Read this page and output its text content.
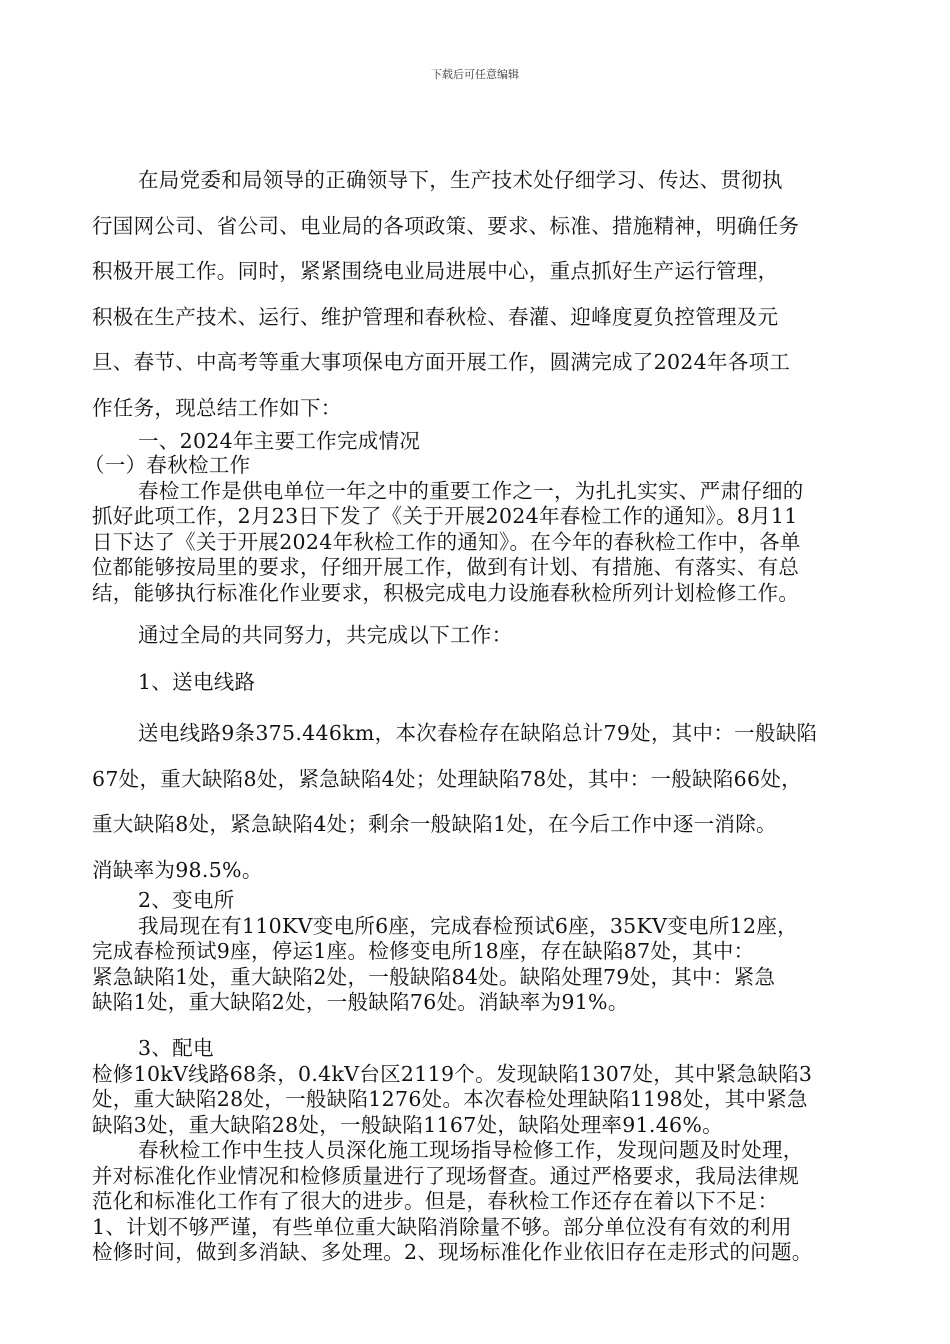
下载后可任意编辑

在局党委和局领导的正确领导下，生产技术处仔细学习、传达、贯彻执

行国网公司、省公司、电业局的各项政策、要求、标准、措施精神，明确任务

积极开展工作。同时，紧紧围绕电业局进展中心，重点抓好生产运行管理，

积极在生产技术、运行、维护管理和春秋检、春灌、迎峰度夏负控管理及元

旦、春节、中高考等重大事项保电方面开展工作，圆满完成了2024年各项工

作任务，现总结工作如下：

一、2024年主要工作完成情况

（一）春秋检工作

春检工作是供电单位一年之中的重要工作之一，为扎扎实实、严肃仔细的

抓好此项工作，2月23日下发了《关于开展2024年春检工作的通知》。8月11

日下达了《关于开展2024年秋检工作的通知》。在今年的春秋检工作中，各单

位都能够按局里的要求，仔细开展工作，做到有计划、有措施、有落实、有总

结，能够执行标准化作业要求，积极完成电力设施春秋检所列计划检修工作。

通过全局的共同努力，共完成以下工作：

1、送电线路

送电线路9条375.446km，本次春检存在缺陷总计79处，其中：一般缺陷

67处，重大缺陷8处，紧急缺陷4处；处理缺陷78处，其中：一般缺陷66处，

重大缺陷8处，紧急缺陷4处；剩余一般缺陷1处，在今后工作中逐一消除。

消缺率为98.5%。

2、变电所

我局现在有110KV变电所6座，完成春检预试6座，35KV变电所12座，

完成春检预试9座，停运1座。检修变电所18座，存在缺陷87处，其中：

紧急缺陷1处，重大缺陷2处，一般缺陷84处。缺陷处理79处，其中：紧急

缺陷1处，重大缺陷2处，一般缺陷76处。消缺率为91%。

3、配电

检修10kV线路68条，0.4kV台区2119个。发现缺陷1307处，其中紧急缺陷3

处，重大缺陷28处，一般缺陷1276处。本次春检处理缺陷1198处，其中紧急

缺陷3处，重大缺陷28处，一般缺陷1167处，缺陷处理率91.46%。

春秋检工作中生技人员深化施工现场指导检修工作，发现问题及时处理，

并对标准化作业情况和检修质量进行了现场督查。通过严格要求，我局法律规

范化和标准化工作有了很大的进步。但是，春秋检工作还存在着以下不足：

1、计划不够严谨，有些单位重大缺陷消除量不够。部分单位没有有效的利用

检修时间，做到多消缺、多处理。2、现场标准化作业依旧存在走形式的问题。
